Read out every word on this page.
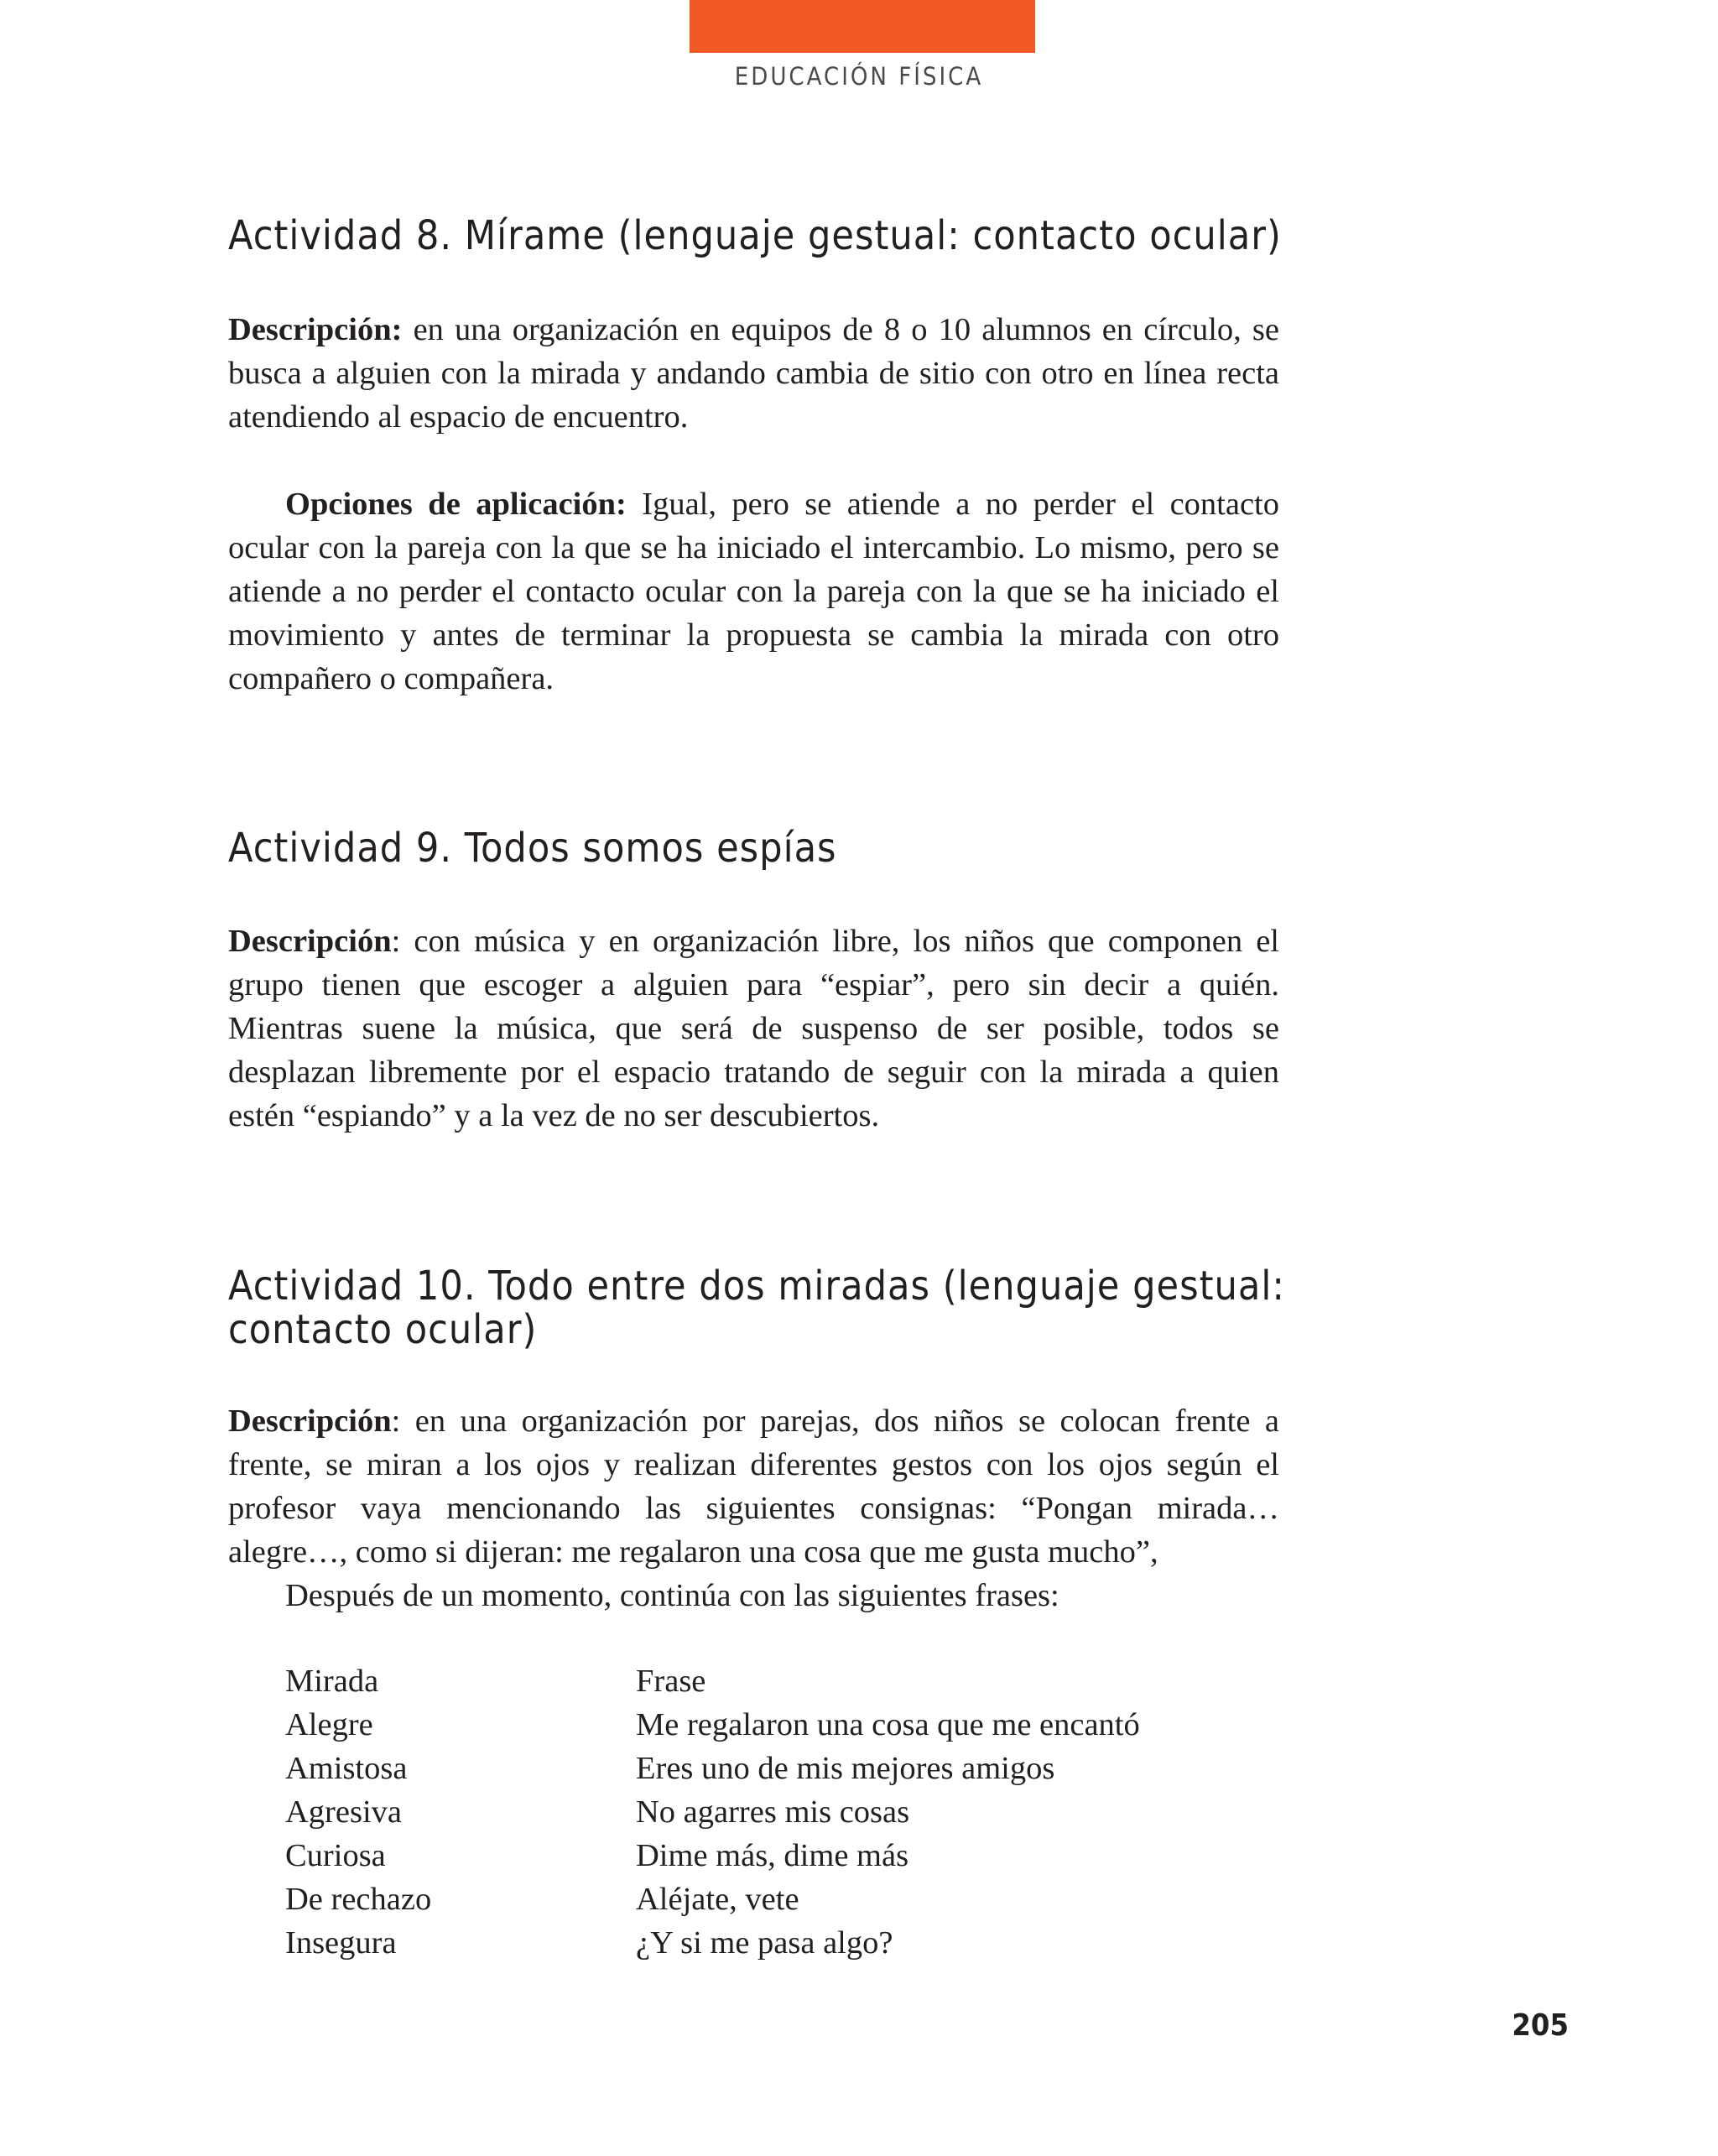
EDUCACIÓN FÍSICA
Actividad 8. Mírame (lenguaje gestual: contacto ocular)

Descripción: en una organización en equipos de 8 o 10 alumnos en círculo, se busca a alguien con la mirada y andando cambia de sitio con otro en línea recta atendiendo al espacio de encuentro.

Opciones de aplicación: Igual, pero se atiende a no perder el contacto ocular con la pareja con la que se ha iniciado el intercambio. Lo mismo, pero se atiende a no perder el contacto ocular con la pareja con la que se ha iniciado el movimiento y antes de terminar la propuesta se cambia la mirada con otro compañero o compañera.

Actividad 9. Todos somos espías

Descripción: con música y en organización libre, los niños que componen el grupo tienen que escoger a alguien para “espiar”, pero sin decir a quién. Mientras suene la música, que será de suspenso de ser posible, todos se desplazan libremente por el espacio tratando de seguir con la mirada a quien estén “espiando” y a la vez de no ser descubiertos.

Actividad 10. Todo entre dos miradas (lenguaje gestual:
contacto ocular)

Descripción: en una organización por parejas, dos niños se colocan frente a frente, se miran a los ojos y realizan diferentes gestos con los ojos según el profesor vaya mencionando las siguientes consignas: “Pongan mirada…alegre…, como si dijeran: me regalaron una cosa que me gusta mucho”,

Después de un momento, continúa con las siguientes frases:

Mirada	Frase
Alegre	Me regalaron una cosa que me encantó
Amistosa	Eres uno de mis mejores amigos
Agresiva	No agarres mis cosas
Curiosa	Dime más, dime más
De rechazo	Aléjate, vete
Insegura	¿Y si me pasa algo?
205
